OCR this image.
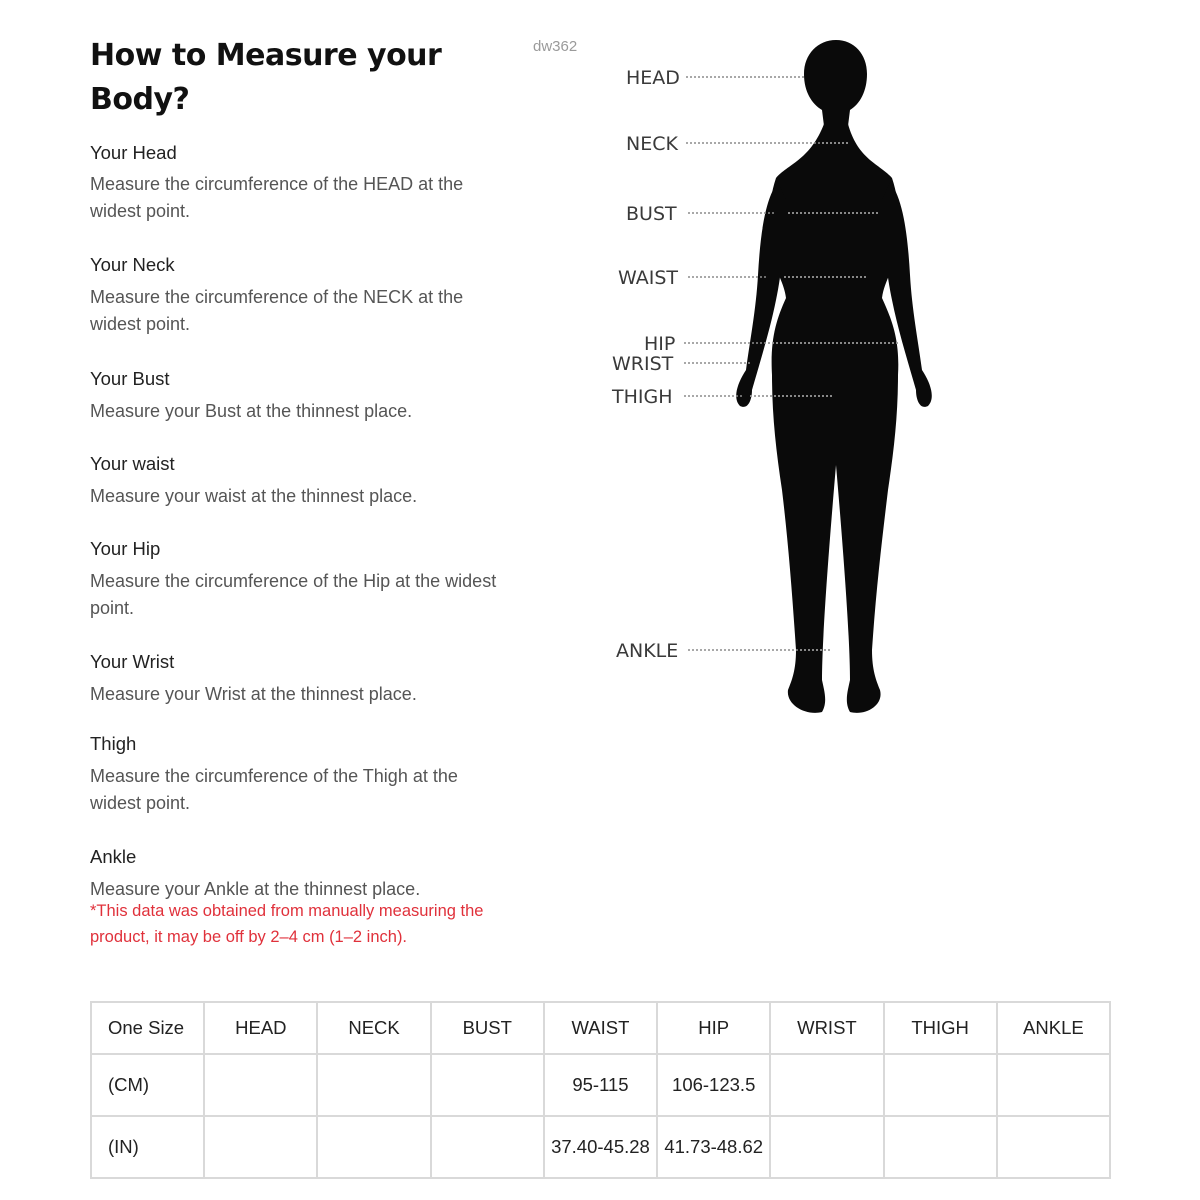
How to Measure your Body?
dw362
Your Head
Measure the circumference of the HEAD at the widest point.
Your Neck
Measure the circumference of the NECK at the widest point.
Your Bust
Measure your Bust at the thinnest place.
Your waist
Measure your waist at the thinnest place.
Your Hip
Measure the circumference of the Hip at the widest point.
Your Wrist
Measure your Wrist at the thinnest place.
Thigh
Measure the circumference of the Thigh at the widest point.
Ankle
Measure your Ankle at the thinnest place.
*This data was obtained from manually measuring the product, it may be off by 2–4 cm (1–2 inch).
HEAD
NECK
BUST
WAIST
HIP
WRIST
THIGH
ANKLE
One Size	HEAD	NECK	BUST	WAIST	HIP	WRIST	THIGH	ANKLE
(CM)				95-115	106-123.5			
(IN)				37.40-45.28	41.73-48.62			
